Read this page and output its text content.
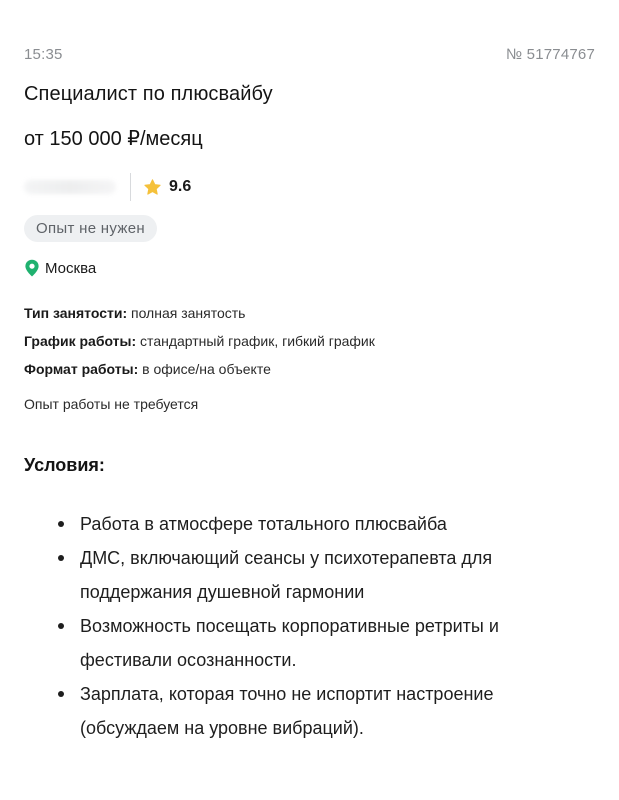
15:35	№ 51774767
Специалист по плюсвайбу
от 150 000 ₽/месяц
9.6
Опыт не нужен
Москва
Тип занятости: полная занятость
График работы: стандартный график, гибкий график
Формат работы: в офисе/на объекте
Опыт работы не требуется
Условия:
Работа в атмосфере тотального плюсвайба
ДМС, включающий сеансы у психотерапевта для поддержания душевной гармонии
Возможность посещать корпоративные ретриты и фестивали осознанности.
Зарплата, которая точно не испортит настроение (обсуждаем на уровне вибраций).
